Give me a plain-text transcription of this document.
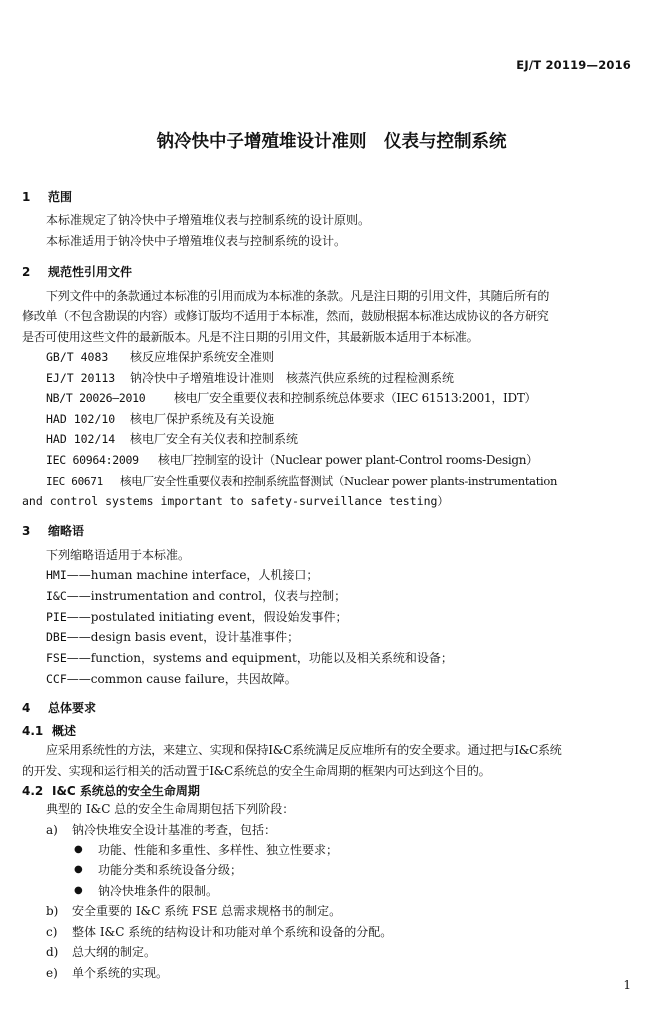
EJ/T 20119—2016
钠冷快中子增殖堆设计准则　仪表与控制系统
1 范围
本标准规定了钠冷快中子增殖堆仪表与控制系统的设计原则。
本标准适用于钠冷快中子增殖堆仪表与控制系统的设计。
2 规范性引用文件
下列文件中的条款通过本标准的引用而成为本标准的条款。凡是注日期的引用文件，其随后所有的
修改单（不包含勘误的内容）或修订版均不适用于本标准，然而，鼓励根据本标准达成协议的各方研究
是否可使用这些文件的最新版本。凡是不注日期的引用文件，其最新版本适用于本标准。
GB/T 4083 核反应堆保护系统安全准则
EJ/T 20113 钠冷快中子增殖堆设计准则　核蒸汽供应系统的过程检测系统
NB/T 20026—2010 核电厂安全重要仪表和控制系统总体要求（IEC 61513:2001，IDT）
HAD 102/10 核电厂保护系统及有关设施
HAD 102/14 核电厂安全有关仪表和控制系统
IEC 60964:2009 核电厂控制室的设计（Nuclear power plant-Control rooms-Design）
IEC 60671 核电厂安全性重要仪表和控制系统监督测试（Nuclear power plants-instrumentation
and control systems important to safety-surveillance testing）
3 缩略语
下列缩略语适用于本标准。
HMI——human machine interface，人机接口；
I&C——instrumentation and control，仪表与控制；
PIE——postulated initiating event，假设始发事件；
DBE——design basis event，设计基准事件；
FSE——function，systems and equipment，功能以及相关系统和设备；
CCF——common cause failure，共因故障。
4 总体要求
4.1 概述
应采用系统性的方法，来建立、实现和保持I&C系统满足反应堆所有的安全要求。通过把与I&C系统
的开发、实现和运行相关的活动置于I&C系统总的安全生命周期的框架内可达到这个目的。
4.2 I&C 系统总的安全生命周期
典型的 I&C 总的安全生命周期包括下列阶段：
a) 钠冷快堆安全设计基准的考查，包括：
● 功能、性能和多重性、多样性、独立性要求；
● 功能分类和系统设备分级；
● 钠冷快堆条件的限制。
b) 安全重要的 I&C 系统 FSE 总需求规格书的制定。
c) 整体 I&C 系统的结构设计和功能对单个系统和设备的分配。
d) 总大纲的制定。
e) 单个系统的实现。
1
